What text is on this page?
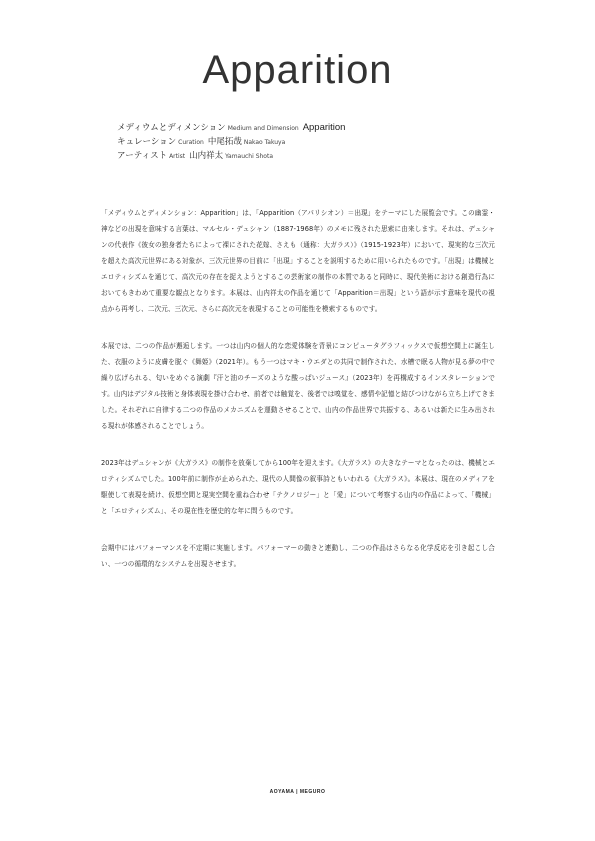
Apparition
メディウムとディメンション Medium and Dimension Apparition
キュレーション Curation 中尾拓哉 Nakao Takuya
アーティスト Artist 山内祥太 Yamauchi Shota

「メディウムとディメンション：Apparition」は、「Apparition（アパリシオン）＝出現」をテーマにした展覧会です。この幽霊・神などの出現を意味する言葉は、マルセル・デュシャン（1887-1968年）のメモに残された思索に由来します。それは、デュシャンの代表作《彼女の独身者たちによって裸にされた花嫁、さえも（通称：大ガラス）》（1915-1923年）において、現実的な三次元を超えた高次元世界にある対象が、三次元世界の目前に「出現」することを説明するために用いられたものです。「出現」は機械とエロティシズムを通じて、高次元の存在を捉えようとするこの芸術家の制作の本質であると同時に、現代美術における創造行為においてもきわめて重要な観点となります。本展は、山内祥太の作品を通じて「Apparition＝出現」という語が示す意味を現代の視点から再考し、二次元、三次元、さらに高次元を表現することの可能性を模索するものです。

本展では、二つの作品が邂逅します。一つは山内の個人的な恋愛体験を背景にコンピュータグラフィックスで仮想空間上に誕生した、衣服のように皮膚を脱ぐ《舞姫》（2021年）。もう一つはマキ・ウエダとの共同で制作された、水槽で眠る人物が見る夢の中で繰り広げられる、匂いをめぐる演劇『汗と油のチーズのような酸っぱいジュース』（2023年）を再構成するインスタレーションです。山内はデジタル技術と身体表現を掛け合わせ、前者では触覚を、後者では嗅覚を、感情や記憶と結びつけながら立ち上げてきました。それぞれに自律する二つの作品のメカニズムを運動させることで、山内の作品世界で共振する、あるいは新たに生み出される現れが体感されることでしょう。

2023年はデュシャンが《大ガラス》の制作を放棄してから100年を迎えます。《大ガラス》の大きなテーマとなったのは、機械とエロティシズムでした。100年前に制作が止められた、現代の人間像の叙事詩ともいわれる《大ガラス》。本展は、現在のメディアを駆使して表現を続け、仮想空間と現実空間を重ね合わせ「テクノロジー」と「愛」について考察する山内の作品によって、「機械」と「エロティシズム」、その現在性を歴史的な年に問うものです。

会期中にはパフォーマンスを不定期に実施します。パフォーマーの動きと連動し、二つの作品はさらなる化学反応を引き起こし合い、一つの循環的なシステムを出現させます。

AOYAMA | MEGURO
